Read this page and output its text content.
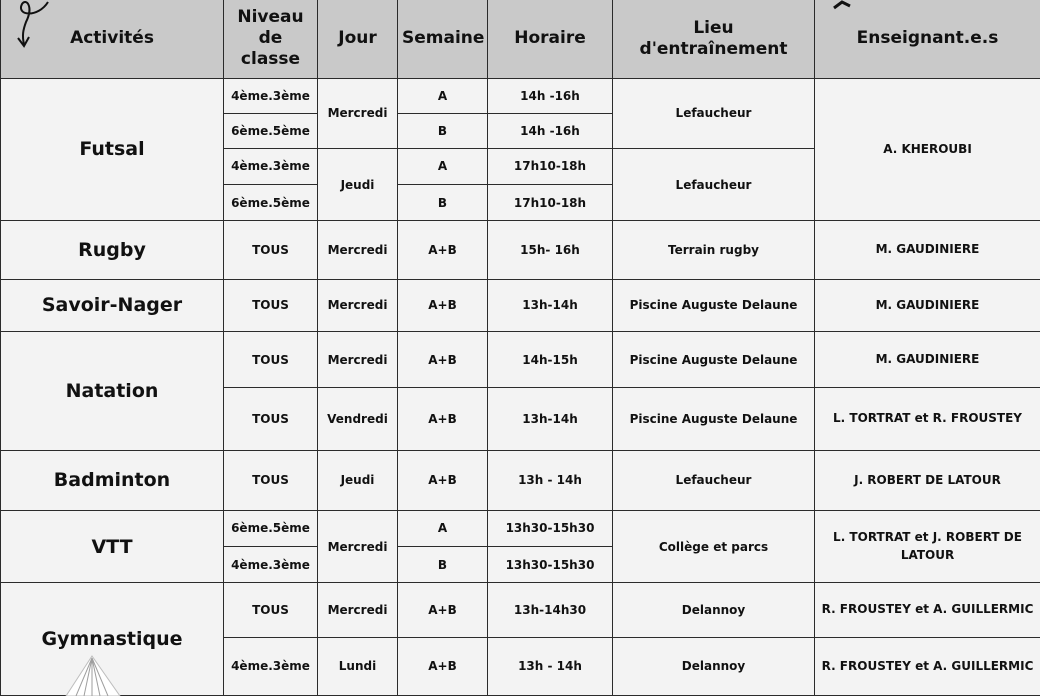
Activités	Niveau de classe	Jour	Semaine	Horaire	Lieu d'entraînement	Enseignant.e.s
Futsal	4ème.3ème	Mercredi	A	14h -16h	Lefaucheur	A. KHEROUBI
	6ème.5ème		B	14h -16h		
	4ème.3ème	Jeudi	A	17h10-18h	Lefaucheur	
	6ème.5ème		B	17h10-18h		
Rugby	TOUS	Mercredi	A+B	15h- 16h	Terrain rugby	M. GAUDINIERE
Savoir-Nager	TOUS	Mercredi	A+B	13h-14h	Piscine Auguste Delaune	M. GAUDINIERE
Natation	TOUS	Mercredi	A+B	14h-15h	Piscine Auguste Delaune	M. GAUDINIERE
	TOUS	Vendredi	A+B	13h-14h	Piscine Auguste Delaune	L. TORTRAT et R. FROUSTEY
Badminton	TOUS	Jeudi	A+B	13h - 14h	Lefaucheur	J. ROBERT DE LATOUR
VTT	6ème.5ème	Mercredi	A	13h30-15h30	Collège et parcs	L. TORTRAT et J. ROBERT DE LATOUR
	4ème.3ème		B	13h30-15h30		
Gymnastique	TOUS	Mercredi	A+B	13h-14h30	Delannoy	R. FROUSTEY et A. GUILLERMIC
	4ème.3ème	Lundi	A+B	13h - 14h	Delannoy	R. FROUSTEY et A. GUILLERMIC
